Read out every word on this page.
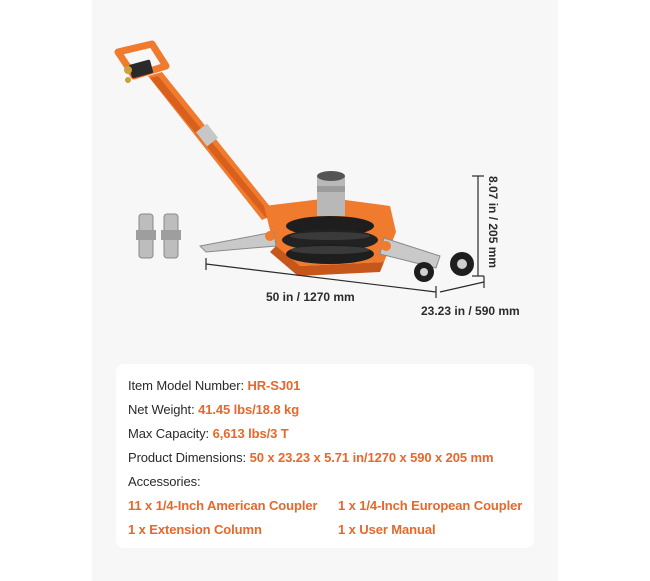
50 in / 1270 mm
23.23 in / 590 mm
8.07 in / 205 mm
Item Model Number: HR-SJ01
Net Weight: 41.45 lbs/18.8 kg
Max Capacity: 6,613 lbs/3 T
Product Dimensions: 50 x 23.23 x 5.71 in/1270 x 590 x 205 mm
Accessories:
11 x 1/4-Inch American Coupler 1 x 1/4-Inch European Coupler
1 x Extension Column	1 x User Manual
